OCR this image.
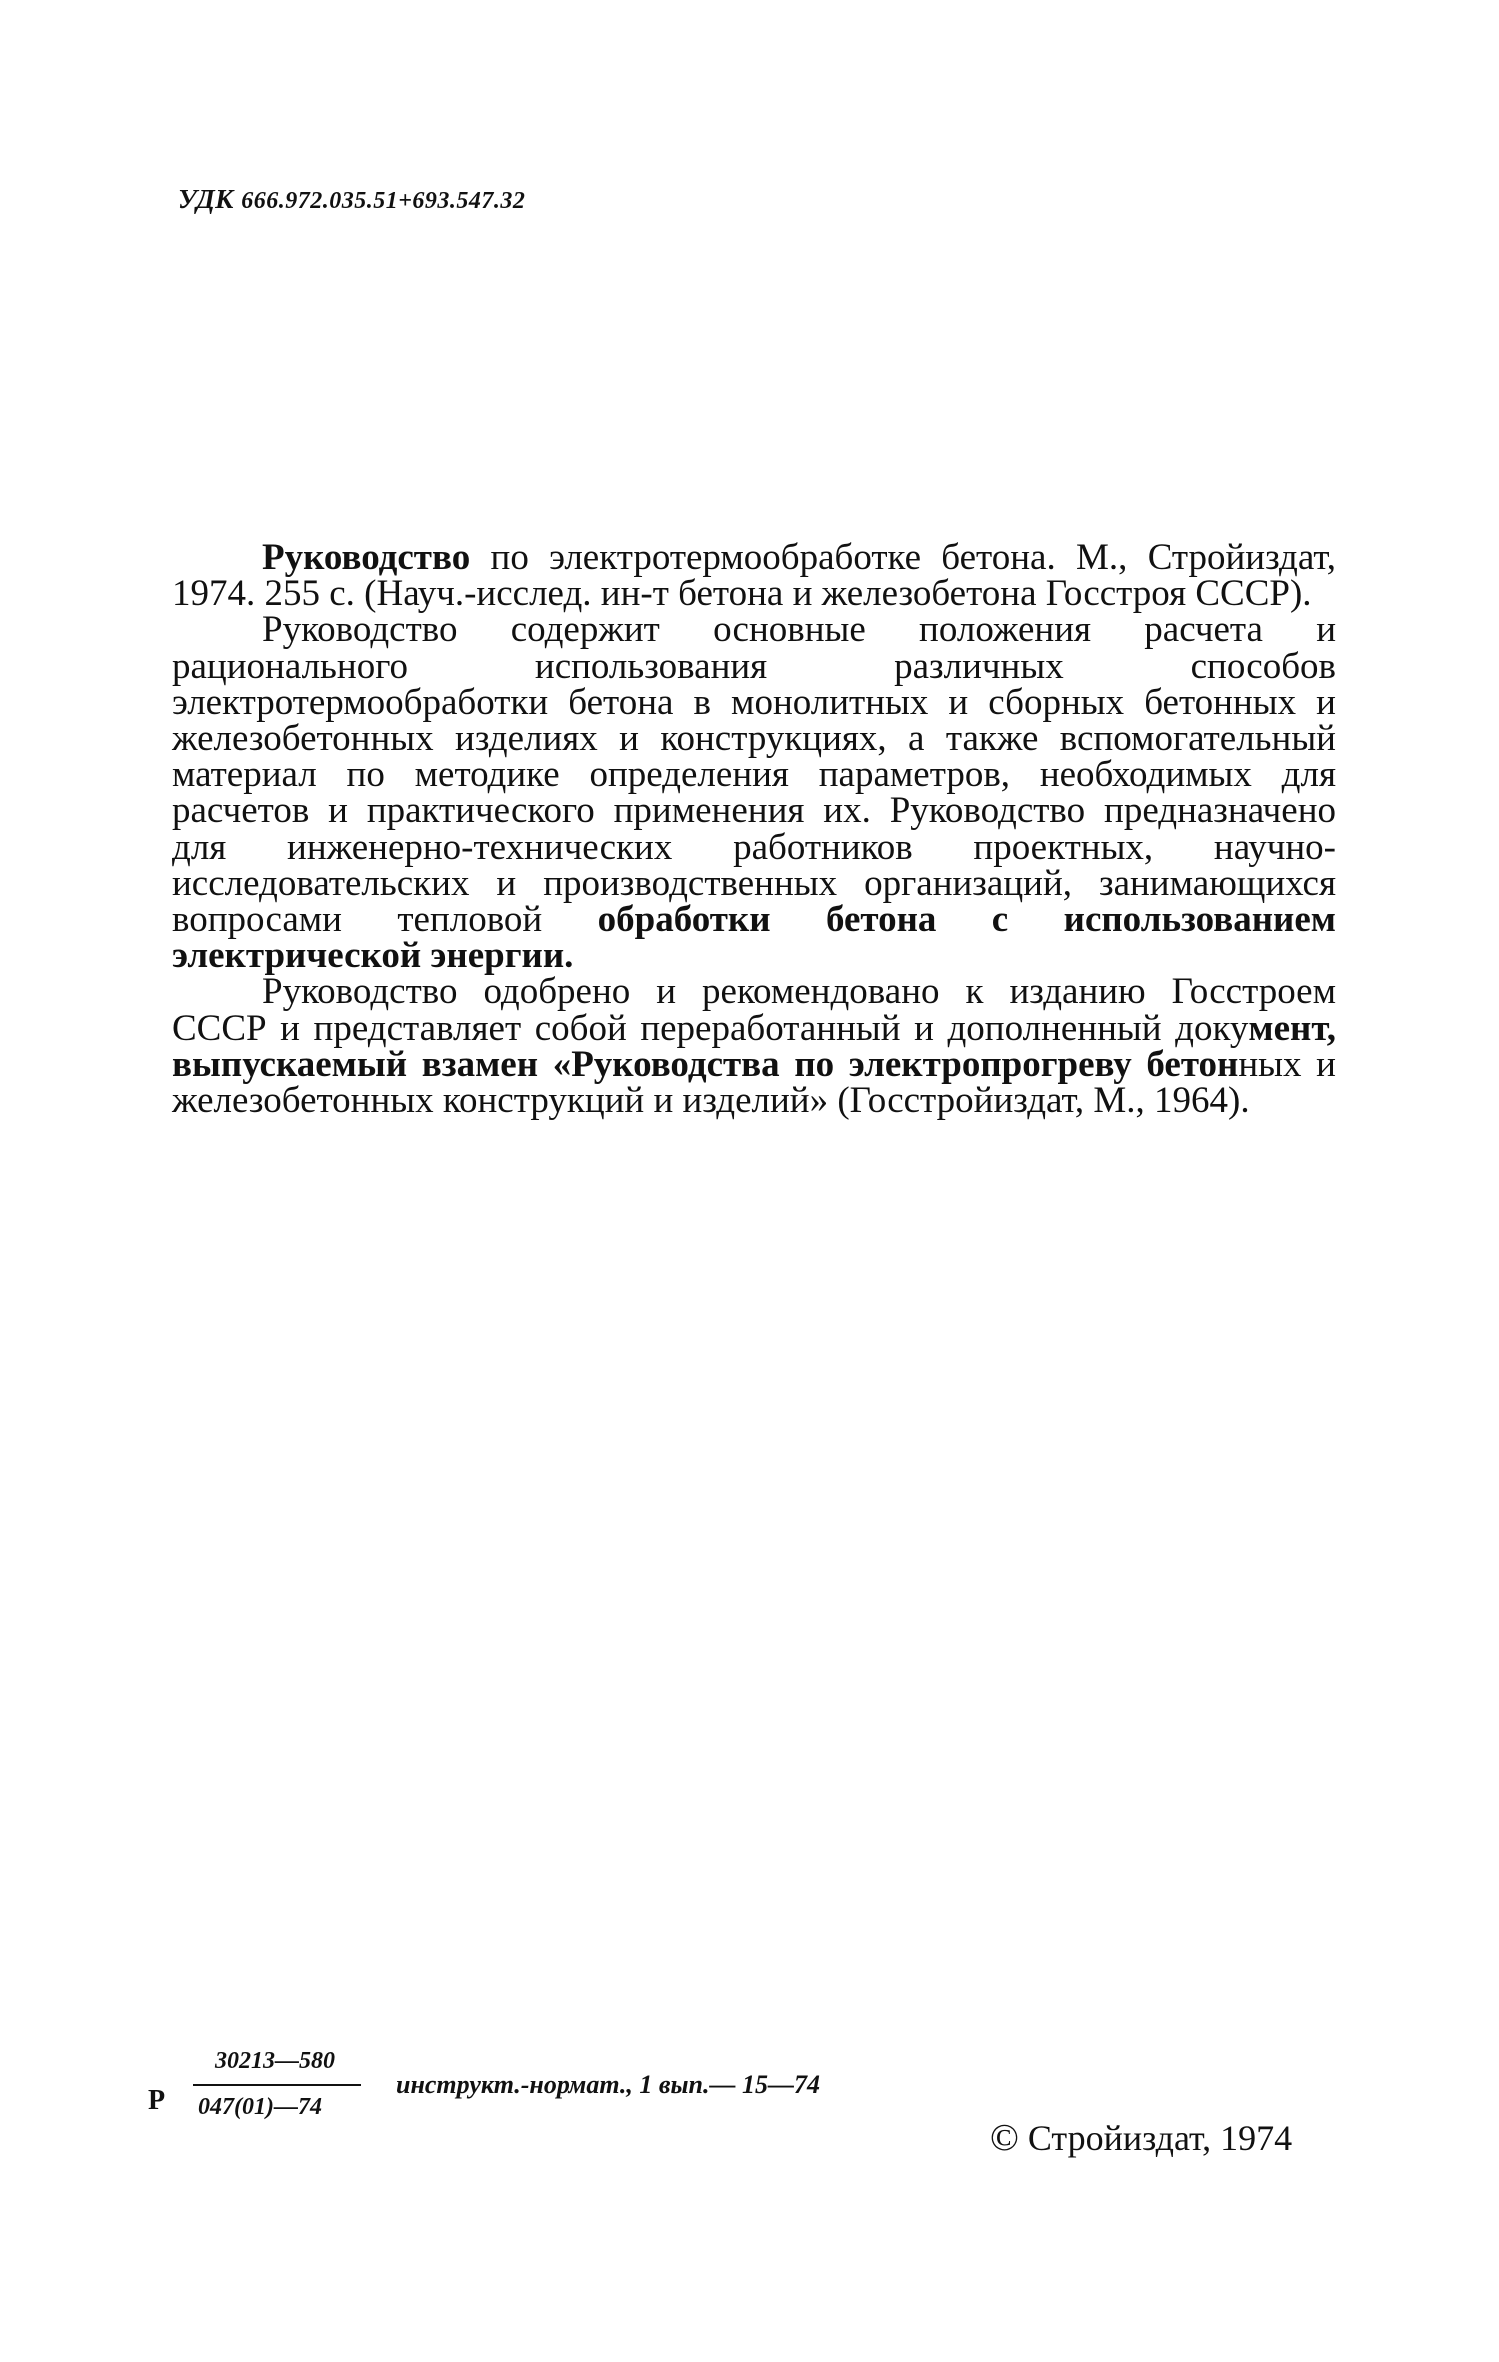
УДК 666.972.035.51+693.547.32

Руководство по электротермообработке бетона. М., Стройиздат, 1974. 255 с. (Науч.-исслед. ин-т бетона и железобетона Госстроя СССР).

Руководство содержит основные положения расчета и рационального использования различных способов электротермообработки бетона в монолитных и сборных бетонных и железобетонных изделиях и конструкциях, а также вспомогательный материал по методике определения параметров, необходимых для расчетов и практического применения их. Руководство предназначено для инженерно-технических работников проектных, научно-исследовательских и производственных организаций, занимающихся вопросами тепловой обработки бетона с использованием электрической энергии.

Руководство одобрено и рекомендовано к изданию Госстроем СССР и представляет собой переработанный и дополненный документ, выпускаемый взамен «Руководства по электропрогреву бетонных и железобетонных конструкций и изделий» (Госстройиздат, М., 1964).

Р
30213—580
047(01)—74
инструкт.-нормат., 1 вып.— 15—74
© Стройиздат, 1974
